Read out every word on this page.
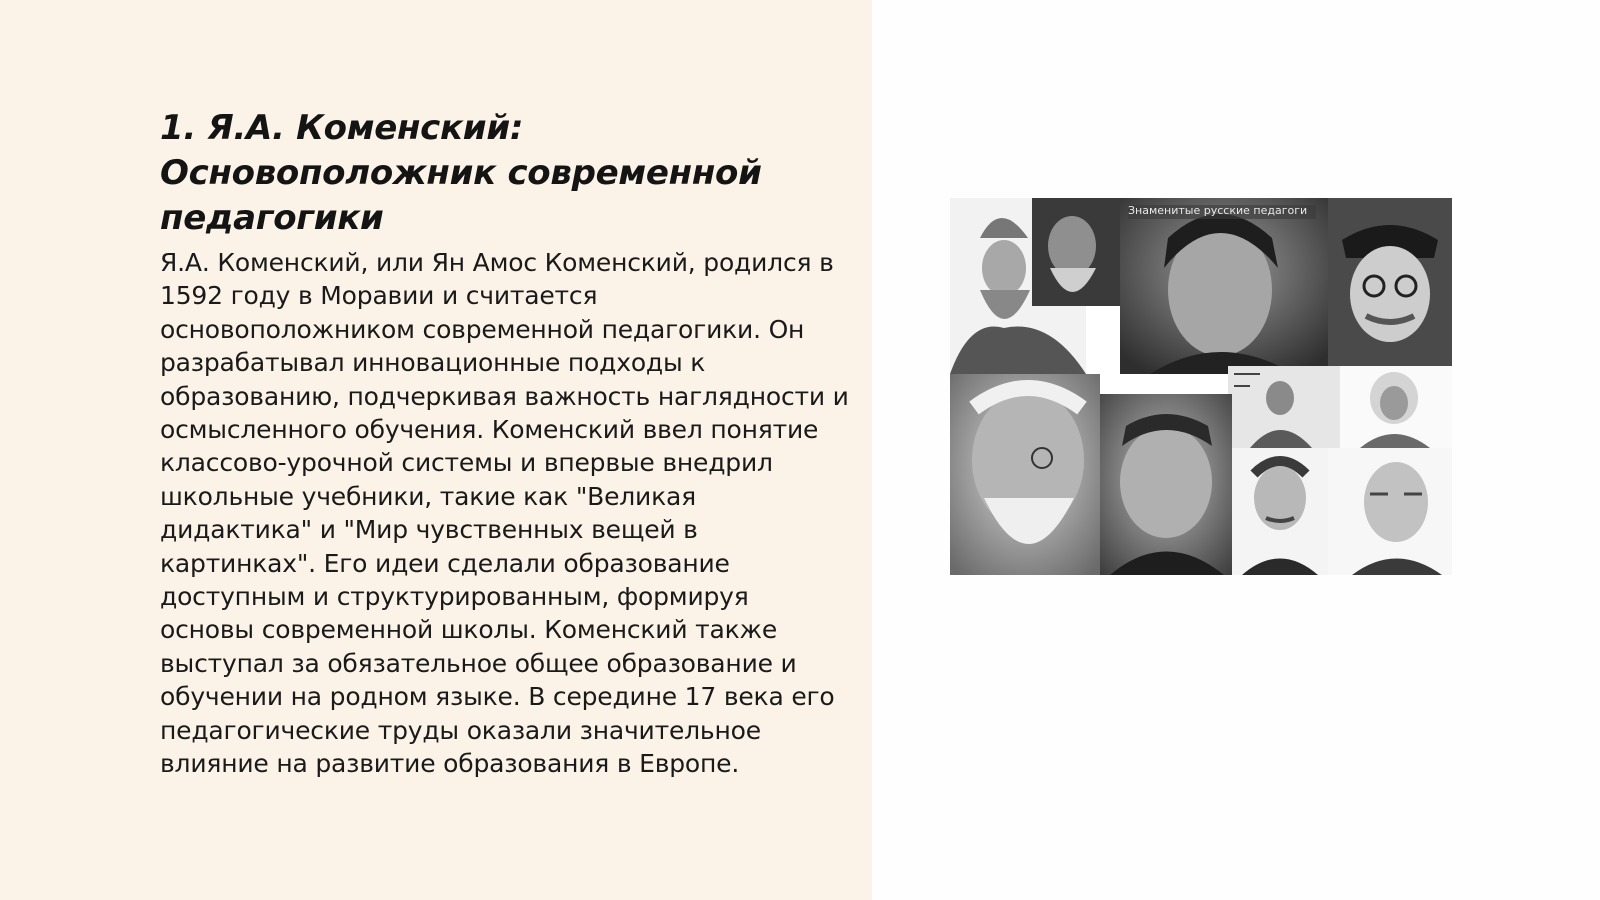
1. Я.А. Коменский: Основоположник современной педагогики

Я.А. Коменский, или Ян Амос Коменский, родился в 1592 году в Моравии и считается основоположником современной педагогики. Он разрабатывал инновационные подходы к образованию, подчеркивая важность наглядности и осмысленного обучения. Коменский ввел понятие классово-урочной системы и впервые внедрил школьные учебники, такие как "Великая дидактика" и "Мир чувственных вещей в картинках". Его идеи сделали образование доступным и структурированным, формируя основы современной школы. Коменский также выступал за обязательное общее образование и обучении на родном языке. В середине 17 века его педагогические труды оказали значительное влияние на развитие образования в Европе.

Знаменитые русские педагоги
